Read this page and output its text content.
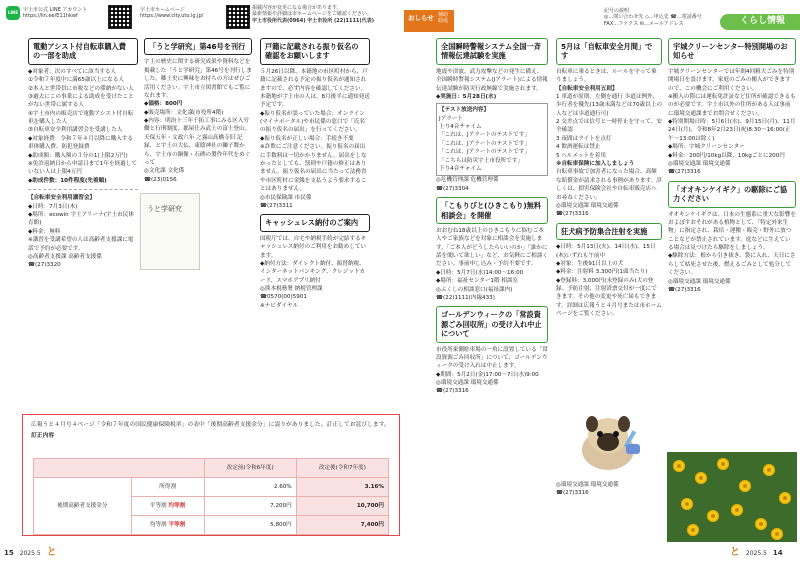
LINE 宇土市公式 LINE アカウント
https://lin.ee/E11hkwf
宇土市ホームページ
https://www.city.uto.lg.jp/
掲載内容が変更になる場合があります。
最新情報や詳細は市ホームページをご確認ください。
宇土市役所代表(0964) 宇土市役所 (22)1111(代表)	おしらせ 補助 助成
記号の説明
◎…問い合わせ先 ◇…申込先 ☎…電話番号
FAX…ファクス ✉…メールアドレス	くらし情報
電動アシスト付自転車購入費の一部を助成
◆対象者：次のすべてに該当する人
①令和７年度中に満65歳以上になる人
②本人と世帯員に市税などの滞納がない人
③過去にこの事業による助成を受けたことがない世帯に属する人
④宇土市内の販売店で電動アシスト付自転車を購入した人
⑤自転車安全利用講習会を受講した人
◆対象経費：令和７年４月以降に購入する車体購入費、防犯登録費
◆助成額：購入額の３分の1(上限2万円)
※免許返納日から申請日まで1年を経過していない人は上限4万円
◆助成件数：10件程度(先着順)
【自転車安全利用講習会】
◆日時：7月3日(木)
◆場所：ecowin 宇土アリーナ(宇土市民体育館)
◆料金：無料
※講習を受講希望の人は高齢者支援課に電話で予約が必要です。
◎高齢者支援課 高齢者支援係
☎(27)3320
「うと学研究」第46号を刊行
宇土の歴史に関する研究成果や資料などを掲載した「うと学研究」第46号を刊行しました。郷土史に興味をお持ちの方はぜひご活用ください。宇土市立図書館でもご覧になれます。
◆価格：800円
◆販売場所：文化課(市役所4階)
◆内容：明治十三年千拓工事にみる区入労働と行刑制度、郡屋仕み武士の富士登山、天保五年・文政六年 之霧山高橋寺旧 記録、と宇土の大仏、東陰神社の獅子舞から、宇土市の銅像・石碑の製作年代をめぐって
◎文化課 文化係
☎(23)0156
うと学研究
戸籍に記載される振り仮名の確認をお願いします
５月26日以降、本籍地の市区町村から、戸籍に記載される予定の振り仮名が通知されますので、必ず内容を確認してください。
本籍地が宇土市の人は、8月後半に通知発送予定です。
◆振り仮名が誤っていた場合：オンライン(マイナポータル)や市民係の窓口で「氏名の振り仮名の届出」を行ってください。
◆振り仮名が正しい場合：手続き不要
※詐欺にご注意ください。振り仮名の届出に手数料は一切かかりません。届出をしなかったとしても、罰則や戸籍の修正はありません。振り仮名の届出に当たって法務省や市区町村に金銭を支払うよう要求することはありません。
◎市民保険課 市民係
☎(27)3311
キャッシュレス納付のご案内
国税庁では、自宅や納税手続が完結するキャッシュレス納付のご利用をお勧めしています。
◆納付方法：ダイレクト納付、振替納税、インターネットバンキング、クレジットカード、スマホアプリ納付
◎熊本税務署 納税管理課
☎0570(00)5901
※ナビダイヤル
広報うと４月号４ページ「令和７年度の国民健康保険税率」の表中「後期高齢者支援金分」に誤りがありました。訂正してお詫びします。
訂正内容
		改定前(令和6年度)	改定後(令和7年度)
後期高齢者支援金分	所得割	2.60%	3.16%
	平等割 均等割	7,200円	10,700円
	均等割 平等割	5,800円	7,400円
全国瞬時警報システム全国一斉情報伝達試験を実施
地震や津波、武力攻撃などの発生に備え、全国瞬時警報システム(Jアラート)による情報伝達試験が防災行政無線で実施されます。
◆実施日：5月28日(水)
【テスト放送内容】
Jアラート
上り4音チャイム
「これは、Jアラートのテストです」
「これは、Jアラートのテストです」
「これは、Jアラートのテストです」
「こちらは防災宇土市役所です」
下り4音チャイム
◎危機管理課 危機管理係
☎(27)3304
「こもりびと(ひきこもり)無料相談会」を開催
おおむね18歳以上のひきこもりに悩むご本人やご家族などを対象に相談会を実施します。「ご本人がどうしたらいいのか」「誰かに話を聞いて欲しい」など、お気軽にご相談ください。事前申し込み・予約不要です。
◆日時：5月7日(水)14:00〜16:00
◆場所：福祉センター1階 相談室
◎ふくしの相談窓口(福祉課内)
☎(22)1111(内線433)
ゴールデンウィークの「常設資源ごみ回収所」の受け入れ中止について
市役所東側駐車場の一角に設置している「常設資源ごみ回収所」について、ゴールデンウィークの受け入れは中止します。
◆期間：5月2日(金)17:00〜7日(水)9:00
◎環境交通課 環境交通係
☎(27)3316
5月は「自転車安全月間」です
自転車に乗るときは、ルールを守って乗りましょう。
【自転車安全利用五則】
1 車道が原則、左側を通行 歩道は例外、歩行者を優先(13歳未満などは70歳以上の人などは歩道通行可)
2 交差点では信号と一時停止を守って、安全確認
3 夜間はライトを点灯
4 飲酒運転は禁止
5 ヘルメットを着用
※自転車保険に加入しましょう
自転車事故で加害者になった場合、高額な賠償金が請求される事例があります。詳しくは、損害保険会社や自転車販売店へお尋ねください。
◎環境交通課 環境交通係
☎(27)3316
狂犬病予防集合注射を実施
◆日時：5月13日(火)、14日(水)、15日(木)いずれも午前中
◆対象：生後91日以上の犬
◆料金：注射料 3,300円(1頭当たり)
◆登録料：3,000円(未登録のみ)大の登録、予防注射、注射済票交付が一度にできます。その他の変更や死亡届もできます。詳細は広報うと４月号または市ホームページをご覧ください。
◎環境交通課 環境交通係
☎(27)3316
宇城クリーンセンター特別開場のお知らせ
宇城クリーンセンターでは年間4回粗大ごみを特別開場日を設けます。家庭のごみの搬入ができますので、この機会にご利用ください。
※搬入の際には運転免許証など住所が確認できるものが必要です。宇土市以外の住所がある人は事前に環境交通課までお問合せください。
◆特別開場日時：5月6日(水)、9月15日(月)、11月24日(月)、令和8年2月23日(祝)8:30〜16:00(正午〜13:00は除く)
◆場所：宇城クリーンセンター
◆料金：200円/10kg以降、10kgごとに200円
◎環境交通課 環境交通係
☎(27)3316
「オオキンケイギク」の駆除にご協力ください
オオキンケイギクは、日本の生態系に重大な影響をおよぼすおそれがある植物として、「特定外来生物」に指定され、栽培・運搬・販売・野外に放つことなどが禁止されています。庭などに生えている場合は見つけたら駆除をしましょう。
◆駆除方法：根から引き抜き、袋に入れ、天日にさらして枯死させた後、燃えるごみとして処分してください。
◎環境交通課 環境交通係
☎(27)3316
15 2025.5 と	と 2025.5 14
